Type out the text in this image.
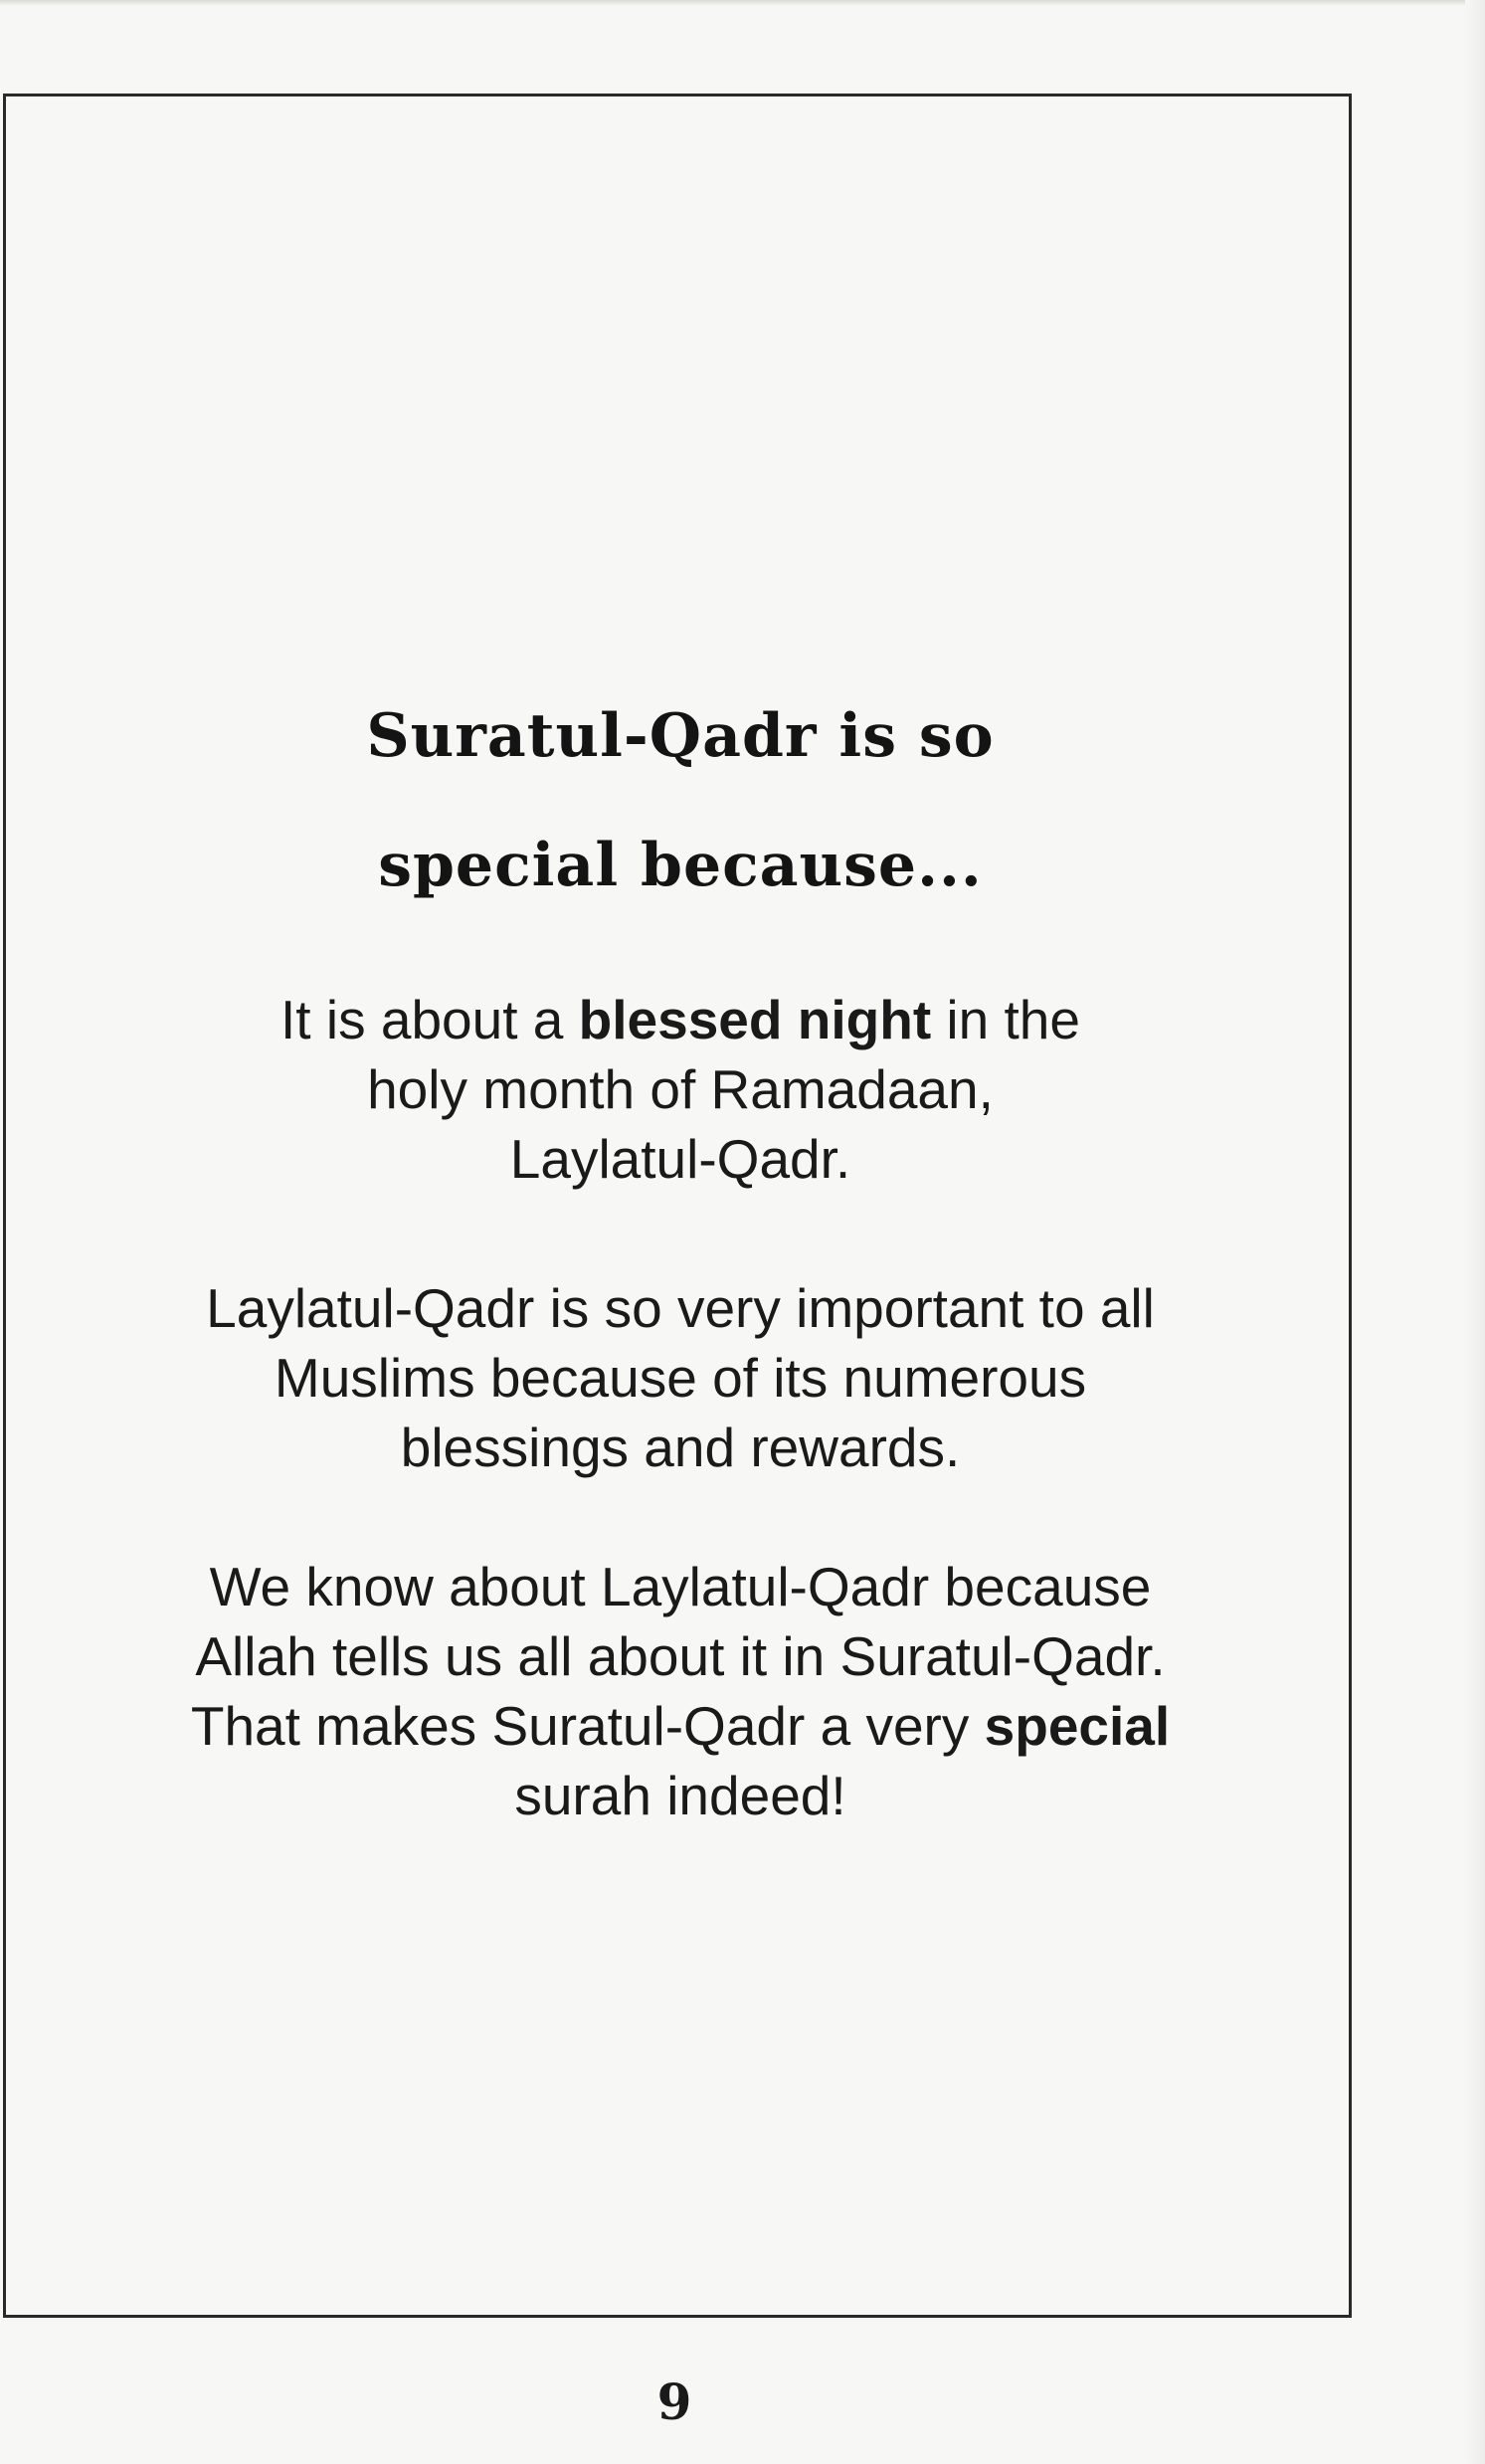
Suratul-Qadr is so
special because...
It is about a blessed night in the
holy month of Ramadaan,
Laylatul-Qadr.
Laylatul-Qadr is so very important to all
Muslims because of its numerous
blessings and rewards.
We know about Laylatul-Qadr because
Allah tells us all about it in Suratul-Qadr.
That makes Suratul-Qadr a very special
surah indeed!
9
